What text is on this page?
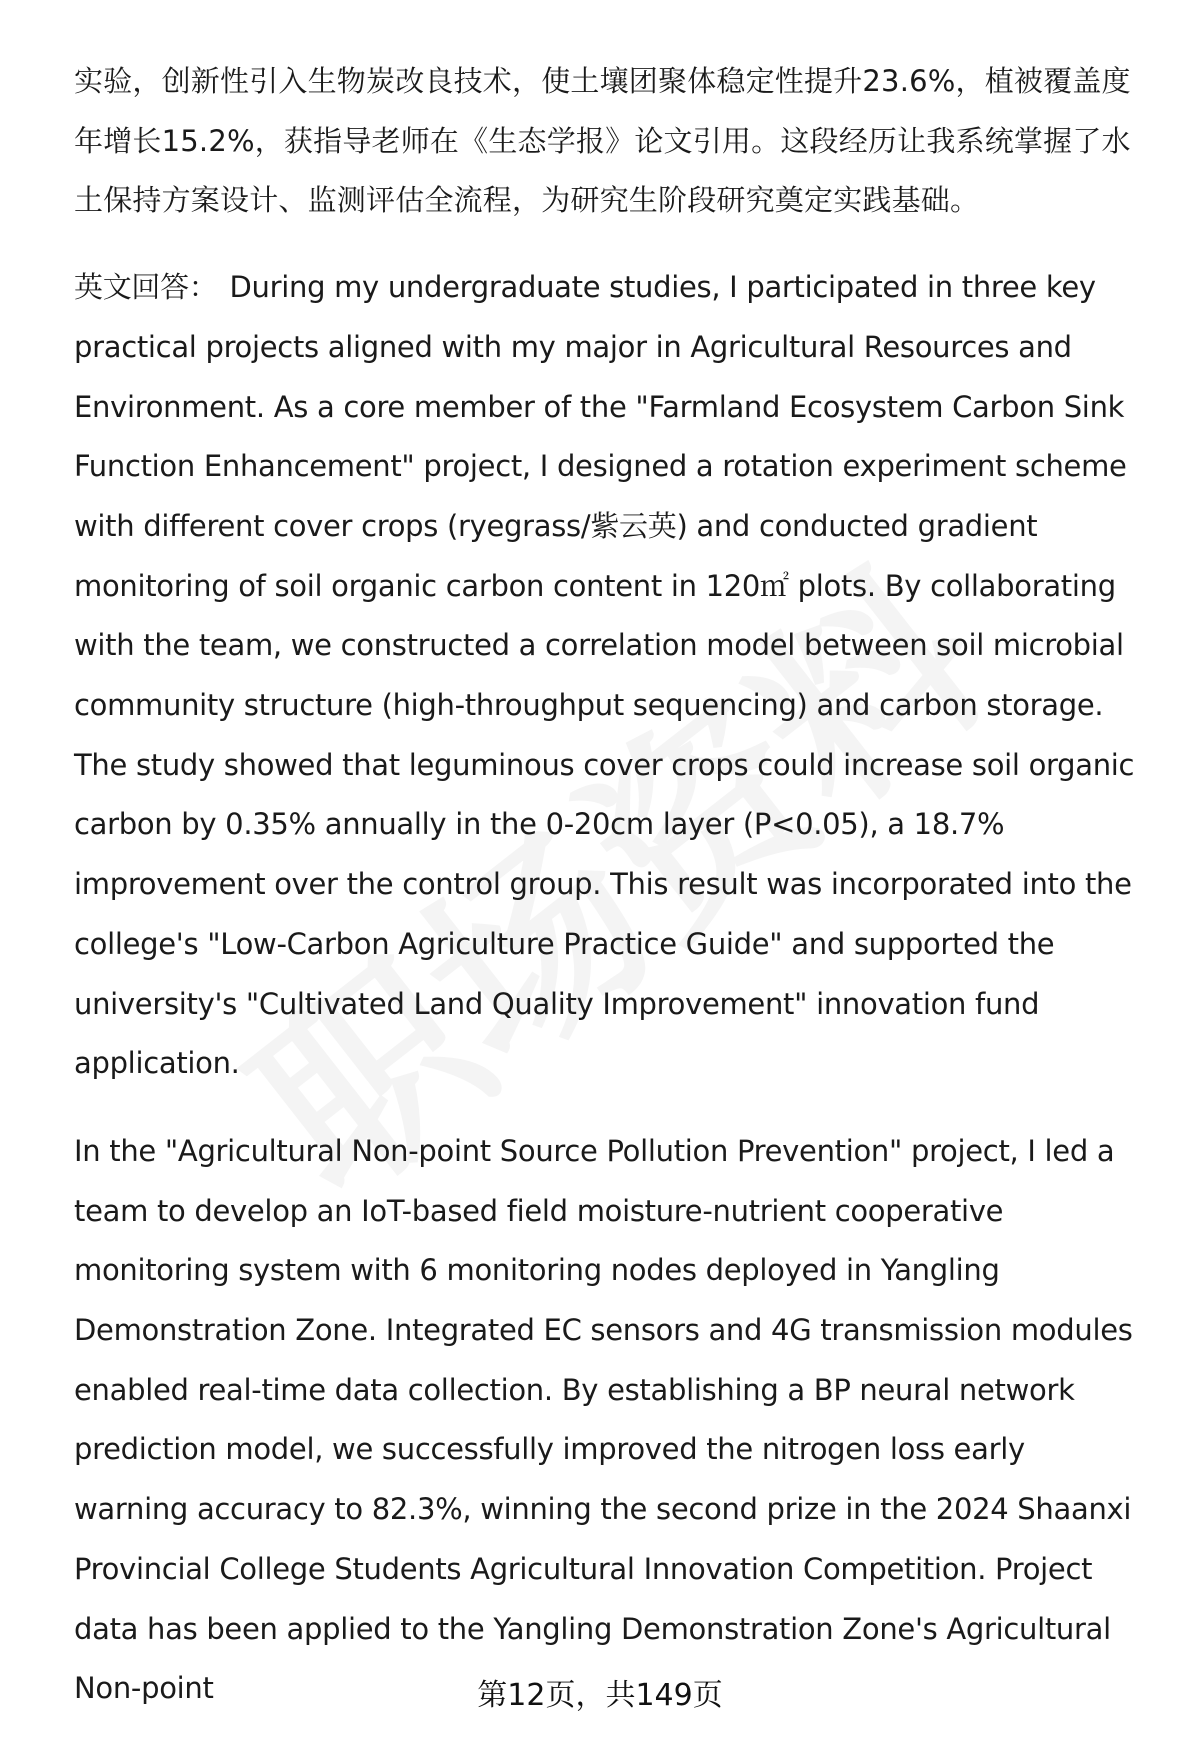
实验，创新性引入生物炭改良技术，使土壤团聚体稳定性提升23.6%，植被覆盖度年增长15.2%，获指导老师在《生态学报》论文引用。这段经历让我系统掌握了水土保持方案设计、监测评估全流程，为研究生阶段研究奠定实践基础。

英文回答： During my undergraduate studies, I participated in three key practical projects aligned with my major in Agricultural Resources and Environment. As a core member of the "Farmland Ecosystem Carbon Sink Function Enhancement" project, I designed a rotation experiment scheme with different cover crops (ryegrass/紫云英) and conducted gradient monitoring of soil organic carbon content in 120㎡ plots. By collaborating with the team, we constructed a correlation model between soil microbial community structure (high-throughput sequencing) and carbon storage. The study showed that leguminous cover crops could increase soil organic carbon by 0.35% annually in the 0-20cm layer (P<0.05), a 18.7% improvement over the control group. This result was incorporated into the college's "Low-Carbon Agriculture Practice Guide" and supported the university's "Cultivated Land Quality Improvement" innovation fund application.

In the "Agricultural Non-point Source Pollution Prevention" project, I led a team to develop an IoT-based field moisture-nutrient cooperative monitoring system with 6 monitoring nodes deployed in Yangling Demonstration Zone. Integrated EC sensors and 4G transmission modules enabled real-time data collection. By establishing a BP neural network prediction model, we successfully improved the nitrogen loss early warning accuracy to 82.3%, winning the second prize in the 2024 Shaanxi Provincial College Students Agricultural Innovation Competition. Project data has been applied to the Yangling Demonstration Zone's Agricultural Non-point	第12页，共149页
